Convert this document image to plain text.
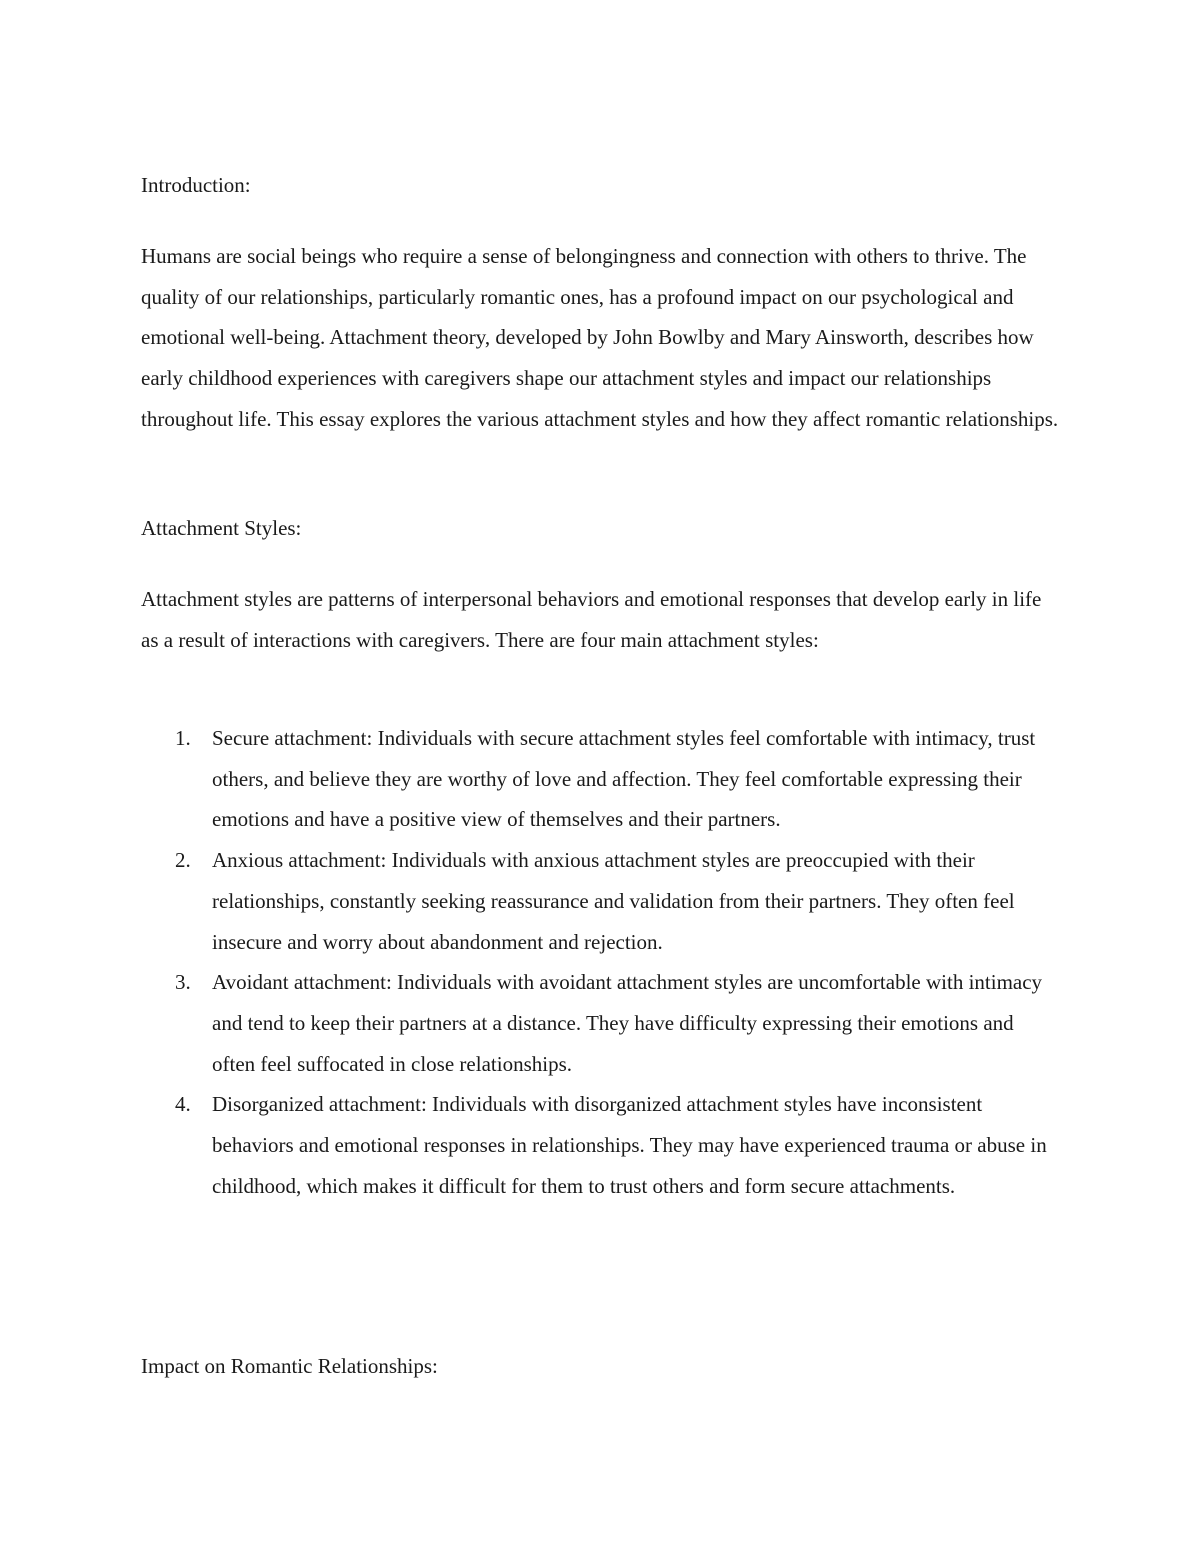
Introduction:

Humans are social beings who require a sense of belongingness and connection with others to thrive. The quality of our relationships, particularly romantic ones, has a profound impact on our psychological and emotional well-being. Attachment theory, developed by John Bowlby and Mary Ainsworth, describes how early childhood experiences with caregivers shape our attachment styles and impact our relationships throughout life. This essay explores the various attachment styles and how they affect romantic relationships.

Attachment Styles:

Attachment styles are patterns of interpersonal behaviors and emotional responses that develop early in life as a result of interactions with caregivers. There are four main attachment styles:

1. Secure attachment: Individuals with secure attachment styles feel comfortable with intimacy, trust others, and believe they are worthy of love and affection. They feel comfortable expressing their emotions and have a positive view of themselves and their partners.
2. Anxious attachment: Individuals with anxious attachment styles are preoccupied with their relationships, constantly seeking reassurance and validation from their partners. They often feel insecure and worry about abandonment and rejection.
3. Avoidant attachment: Individuals with avoidant attachment styles are uncomfortable with intimacy and tend to keep their partners at a distance. They have difficulty expressing their emotions and often feel suffocated in close relationships.
4. Disorganized attachment: Individuals with disorganized attachment styles have inconsistent behaviors and emotional responses in relationships. They may have experienced trauma or abuse in childhood, which makes it difficult for them to trust others and form secure attachments.

Impact on Romantic Relationships:
